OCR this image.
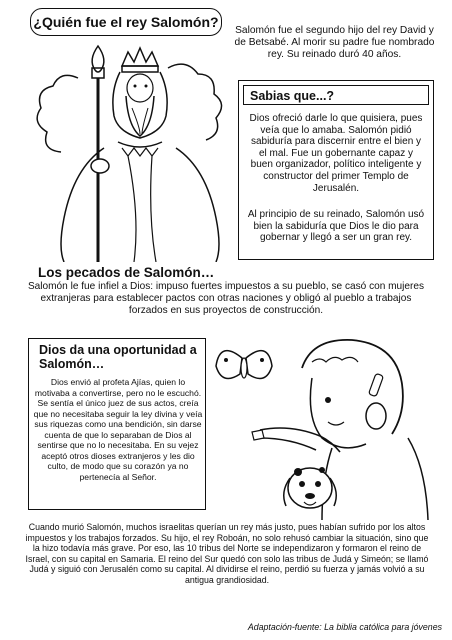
¿Quién fue el rey Salomón?
Salomón fue el segundo hijo del rey David y de Betsabé. Al morir su padre fue nombrado rey. Su reinado duró 40 años.
Sabias que...?
Dios ofreció darle lo que quisiera, pues veía que lo amaba. Salomón pidió sabiduría para discernir entre el bien y el mal. Fue un gobernante capaz y buen organizador, político inteligente y constructor del primer Templo de Jerusalén.
Al principio de su reinado, Salomón usó bien la sabiduría que Dios le dio para gobernar y llegó a ser un gran rey.
Los pecados de Salomón…
Salomón le fue infiel a Dios: impuso fuertes impuestos a su pueblo, se casó con mujeres extranjeras para establecer pactos con otras naciones y obligó al pueblo a trabajos forzados en sus proyectos de construcción.
Dios da una oportunidad a Salomón…
Dios envió al profeta Ajías, quien lo motivaba a convertirse, pero no le escuchó. Se sentía el único juez de sus actos, creía que no necesitaba seguir la ley divina y veía sus riquezas como una bendición, sin darse cuenta de que lo separaban de Dios al sentirse que no lo necesitaba. En su vejez aceptó otros dioses extranjeros y les dio culto, de modo que su corazón ya no pertenecía al Señor.
Cuando murió Salomón, muchos israelitas querían un rey más justo, pues habían sufrido por los altos impuestos y los trabajos forzados. Su hijo, el rey Roboán, no solo rehusó cambiar la situación, sino que la hizo todavía más grave. Por eso, las 10 tribus del Norte se independizaron y formaron el reino de Israel, con su capital en Samaria. El reino del Sur quedó con solo las tribus de Judá y Simeón; se llamó Judá y siguió con Jerusalén como su capital. Al dividirse el reino, perdió su fuerza y jamás volvió a su antigua grandiosidad.
Adaptación-fuente: La biblia católica para jóvenes
